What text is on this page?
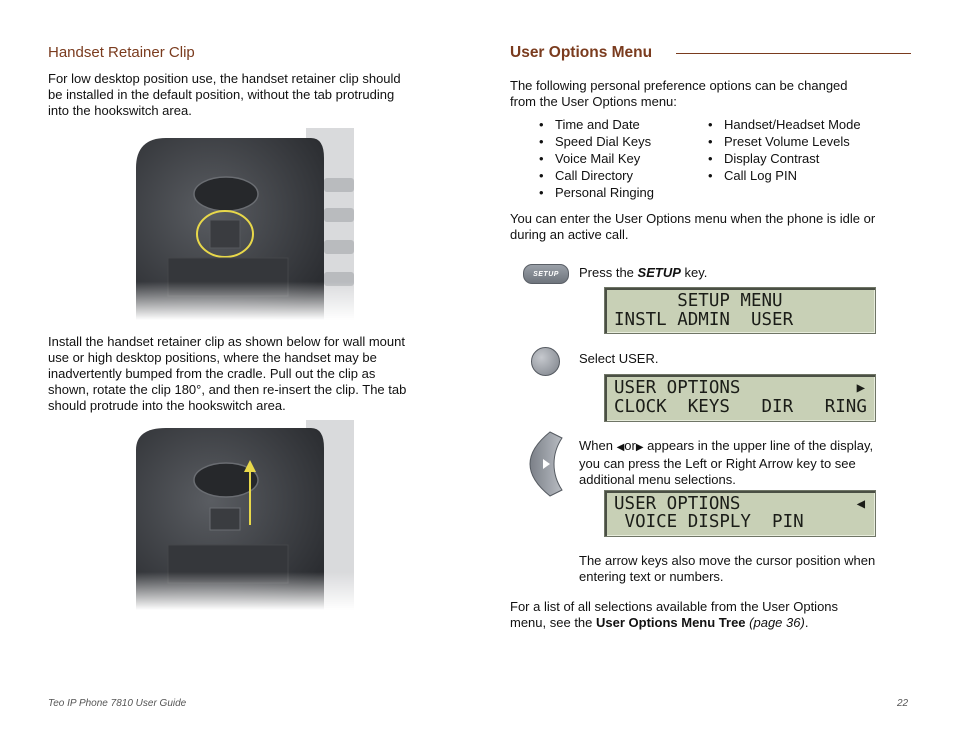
Handset Retainer Clip
For low desktop position use, the handset retainer clip should
be installed in the default position, without the tab protruding
into the hookswitch area.
Install the handset retainer clip as shown below for wall mount
use or high desktop positions, where the handset may be
inadvertently bumped from the cradle. Pull out the clip as
shown, rotate the clip 180°, and then re-insert the clip. The tab
should protrude into the hookswitch area.
User Options Menu
The following personal preference options can be changed
from the User Options menu:
• Time and Date
• Speed Dial Keys
• Voice Mail Key
• Call Directory
• Personal Ringing
• Handset/Headset Mode
• Preset Volume Levels
• Display Contrast
• Call Log PIN
You can enter the User Options menu when the phone is idle or
during an active call.
SETUP Press the SETUP key.
SETUP MENU
INSTL ADMIN  USER
Select USER.
USER OPTIONS	▶
CLOCK  KEYS   DIR   RING
When ◀or▶ appears in the upper line of the display,
you can press the Left or Right Arrow key to see
additional menu selections.
USER OPTIONS	◀
VOICE DISPLY  PIN
The arrow keys also move the cursor position when
entering text or numbers.
For a list of all selections available from the User Options
menu, see the User Options Menu Tree (page 36).
Teo IP Phone 7810 User Guide	22
